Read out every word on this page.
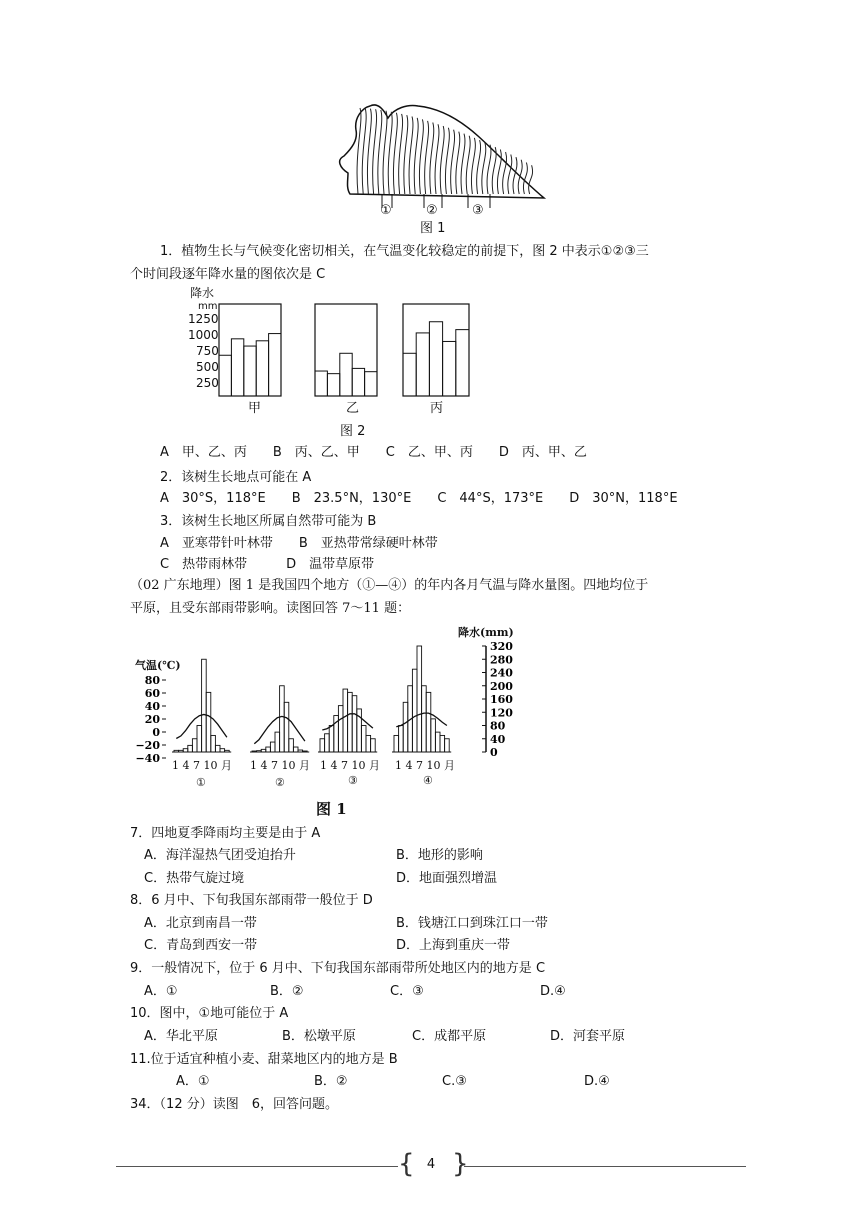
①	②	③
图 1
1．植物生长与气候变化密切相关，在气温变化较稳定的前提下，图 2 中表示①②③三
个时间段逐年降水量的图依次是 C
降水
mm
1250
1000
750
500
250
甲	乙	丙
图 2
A　甲、乙、丙　　B　丙、乙、甲　　C　乙、甲、丙　　D　丙、甲、乙
2．该树生长地点可能在 A
A　30°S，118°E　　B　23.5°N，130°E　　C　44°S，173°E　　D　30°N，118°E
3．该树生长地区所属自然带可能为 B
A　亚寒带针叶林带　　B　亚热带常绿硬叶林带
C　热带雨林带　　　D　温带草原带
（02 广东地理）图 1 是我国四个地方（①—④）的年内各月气温与降水量图。四地均位于
平原，且受东部雨带影响。读图回答 7～11 题：
气温(℃)
降水(mm)
80
60
40
20
0
−20
−40
320
280
240
200
160
120
80
40
0
1 4 7 10 月 1 4 7 10 月 1 4 7 10 月 1 4 7 10 月
①	②	③	④
图 1
7．四地夏季降雨均主要是由于 A
A．海洋湿热气团受迫抬升	B．地形的影响
C．热带气旋过境	D．地面强烈增温
8．6 月中、下旬我国东部雨带一般位于 D
A．北京到南昌一带	B．钱塘江口到珠江口一带
C．青岛到西安一带	D．上海到重庆一带
9．一般情况下，位于 6 月中、下旬我国东部雨带所处地区内的地方是 C
A．①	B．②	C．③	D.④
10．图中，①地可能位于 A
A．华北平原	B．松墩平原	C．成都平原	D．河套平原
11.位于适宜种植小麦、甜菜地区内的地方是 B
A．①	B．②	C.③	D.④
34．（12 分）读图　6，回答问题。
{ }
4
